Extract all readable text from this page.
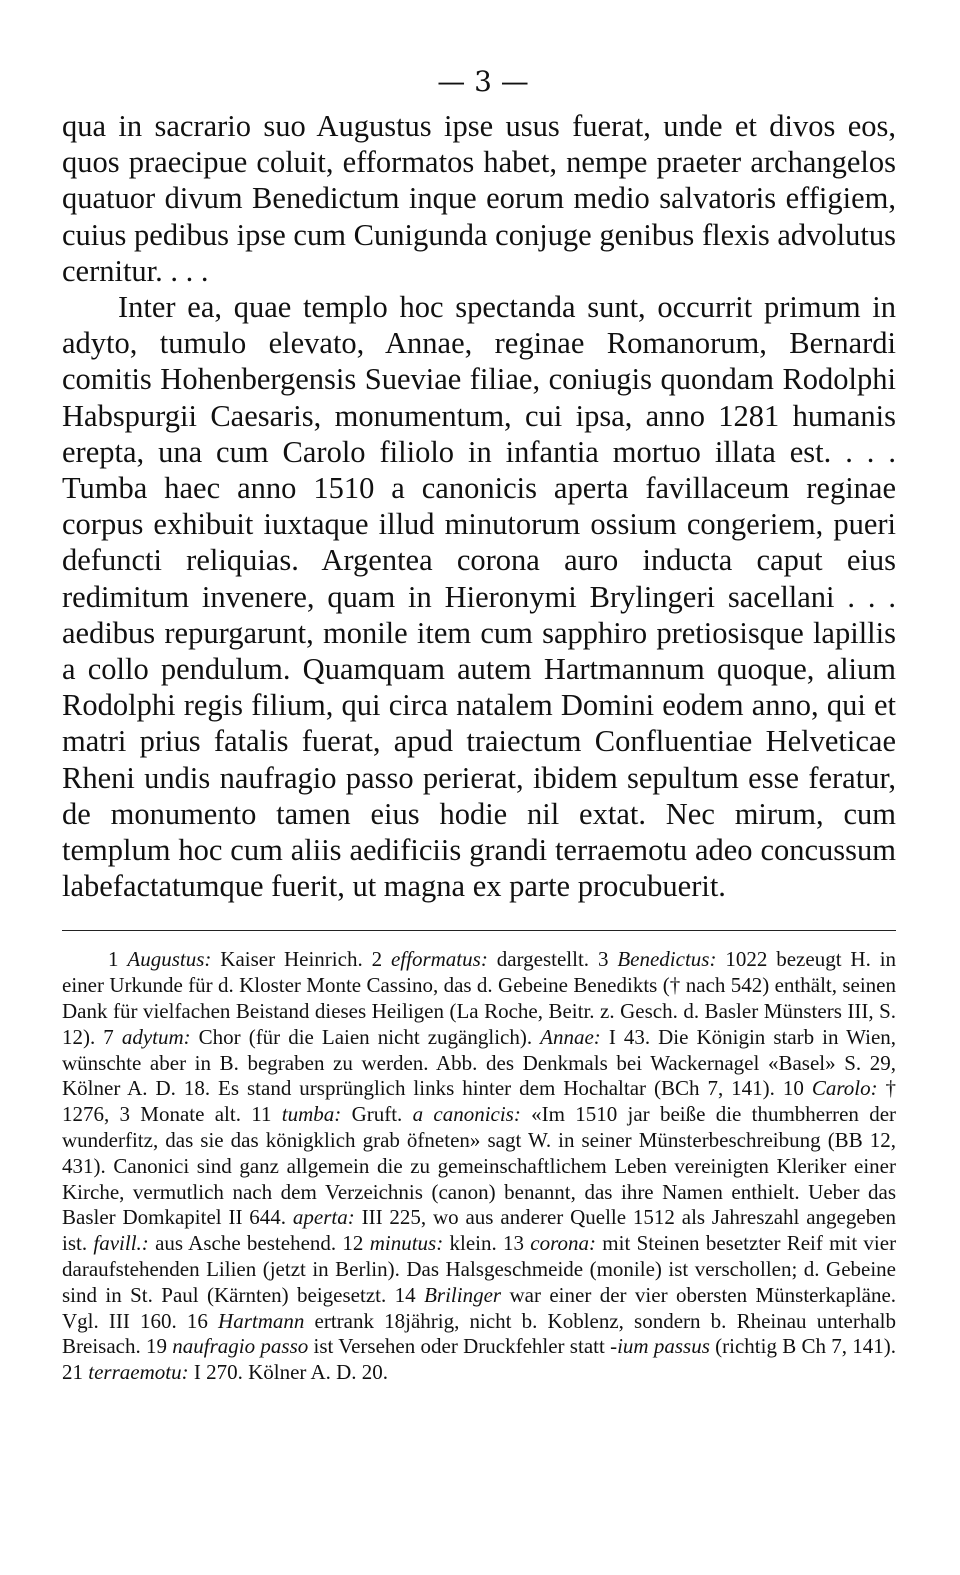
— 3 —

qua in sacrario suo Augustus ipse usus fuerat, unde et divos eos, quos praecipue coluit, efformatos habet, nempe praeter archangelos quatuor divum Benedictum inque eorum medio salvatoris effigiem, cuius pedibus ipse cum Cunigunda conjuge genibus flexis advolutus cernitur. . . .

Inter ea, quae templo hoc spectanda sunt, occurrit primum in adyto, tumulo elevato, Annae, reginae Romanorum, Bernardi comitis Hohenbergensis Sueviae filiae, coniugis quondam Rodolphi Habspurgii Caesaris, monumentum, cui ipsa, anno 1281 humanis erepta, una cum Carolo filiolo in infantia mortuo illata est. . . . Tumba haec anno 1510 a canonicis aperta favillaceum reginae corpus exhibuit iuxtaque illud minutorum ossium congeriem, pueri defuncti reliquias. Argentea corona auro inducta caput eius redimitum invenere, quam in Hieronymi Brylingeri sacellani . . . aedibus repurgarunt, monile item cum sapphiro pretiosisque lapillis a collo pendulum. Quamquam autem Hartmannum quoque, alium Rodolphi regis filium, qui circa natalem Domini eodem anno, qui et matri prius fatalis fuerat, apud traiectum Confluentiae Helveticae Rheni undis naufragio passo perierat, ibidem sepultum esse feratur, de monumento tamen eius hodie nil extat. Nec mirum, cum templum hoc cum aliis aedificiis grandi terraemotu adeo concussum labefactatumque fuerit, ut magna ex parte procubuerit.

1 Augustus: Kaiser Heinrich. 2 efformatus: dargestellt. 3 Benedictus: 1022 bezeugt H. in einer Urkunde für d. Kloster Monte Cassino, das d. Gebeine Benedikts († nach 542) enthält, seinen Dank für vielfachen Beistand dieses Heiligen (La Roche, Beitr. z. Gesch. d. Basler Münsters III, S. 12). 7 adytum: Chor (für die Laien nicht zugänglich). Annae: I 43. Die Königin starb in Wien, wünschte aber in B. begraben zu werden. Abb. des Denkmals bei Wackernagel «Basel» S. 29, Kölner A. D. 18. Es stand ursprünglich links hinter dem Hochaltar (BCh 7, 141). 10 Carolo: † 1276, 3 Monate alt. 11 tumba: Gruft. a canonicis: «Im 1510 jar beiße die thumbherren der wunderfitz, das sie das königklich grab öfneten» sagt W. in seiner Münsterbeschreibung (BB 12, 431). Canonici sind ganz allgemein die zu gemeinschaftlichem Leben vereinigten Kleriker einer Kirche, vermutlich nach dem Verzeichnis (canon) benannt, das ihre Namen enthielt. Ueber das Basler Domkapitel II 644. aperta: III 225, wo aus anderer Quelle 1512 als Jahreszahl angegeben ist. favill.: aus Asche bestehend. 12 minutus: klein. 13 corona: mit Steinen besetzter Reif mit vier daraufstehenden Lilien (jetzt in Berlin). Das Halsgeschmeide (monile) ist verschollen; d. Gebeine sind in St. Paul (Kärnten) beigesetzt. 14 Brilinger war einer der vier obersten Münsterkapläne. Vgl. III 160. 16 Hartmann ertrank 18jährig, nicht b. Koblenz, sondern b. Rheinau unterhalb Breisach. 19 naufragio passo ist Versehen oder Druckfehler statt -ium passus (richtig B Ch 7, 141). 21 terraemotu: I 270. Kölner A. D. 20.
